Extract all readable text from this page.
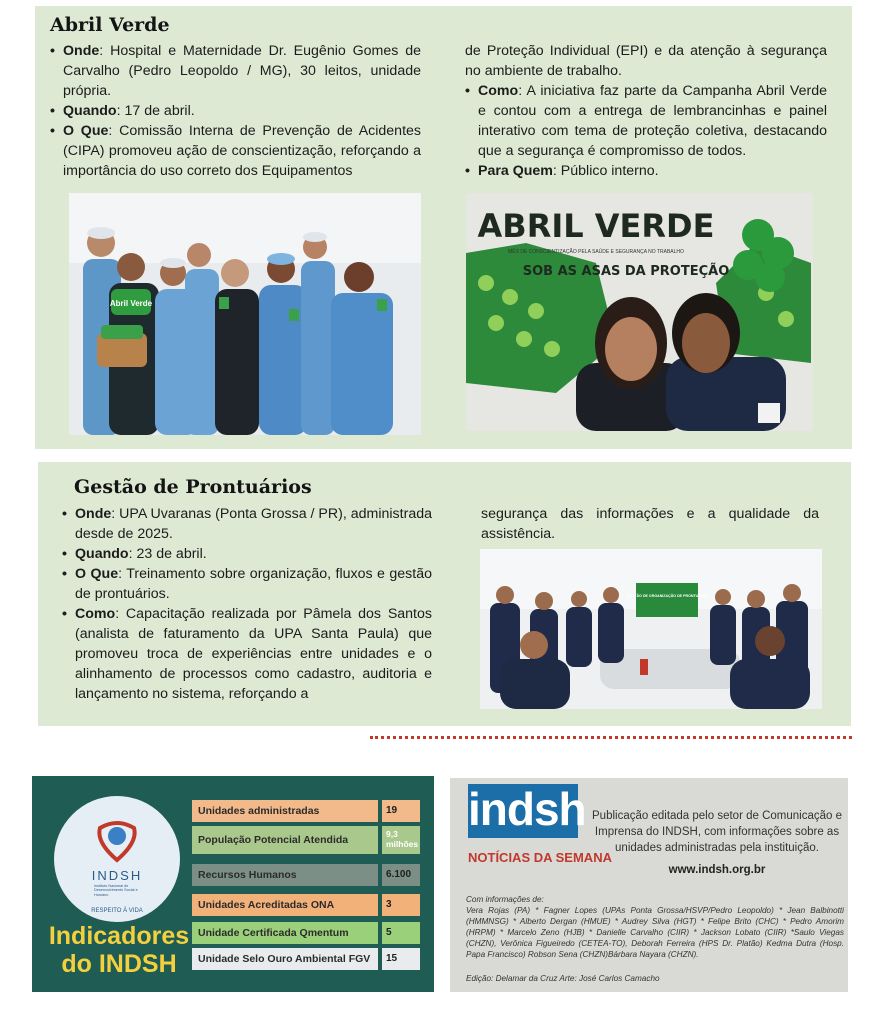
Abril Verde
• Onde: Hospital e Maternidade Dr. Eugênio Gomes de Carvalho (Pedro Leopoldo / MG), 30 leitos, unidade própria.
• Quando: 17 de abril.
• O Que: Comissão Interna de Prevenção de Acidentes (CIPA) promoveu ação de conscientização, reforçando a importância do uso correto dos Equipamentos
de Proteção Individual (EPI) e da atenção à segurança no ambiente de trabalho.
• Como: A iniciativa faz parte da Campanha Abril Verde e contou com a entrega de lembrancinhas e painel interativo com tema de proteção coletiva, destacando que a segurança é compromisso de todos.
• Para Quem: Público interno.
Abril Verde
ABRIL VERDE
MÊS DE CONSCIENTIZAÇÃO PELA SAÚDE E SEGURANÇA NO TRABALHO
SOB AS ASAS DA PROTEÇÃO
Gestão de Prontuários
• Onde: UPA Uvaranas (Ponta Grossa / PR), administrada desde de 2025.
• Quando: 23 de abril.
• O Que: Treinamento sobre organização, fluxos e gestão de prontuários.
• Como: Capacitação realizada por Pâmela dos Santos (analista de faturamento da UPA Santa Paula) que promoveu troca de experiências entre unidades e o alinhamento de processos como cadastro, auditoria e lançamento no sistema, reforçando a
segurança das informações e a qualidade da assistência.
GESTÃO DE ORGANIZAÇÃO DE PRONTUÁRIO
INDSH
Instituto Nacional de Desenvolvimento Social e Humano
RESPEITO À VIDA
Indicadores
do INDSH
Unidades administradas	19
População Potencial Atendida	9,3 milhões
Recursos Humanos	6.100
Unidades Acreditadas ONA	3
Unidade Certificada Qmentum	5
Unidade Selo Ouro Ambiental FGV	15
indsh
NOTÍCIAS DA SEMANA
Publicação editada pelo setor de Comunicação e Imprensa do INDSH, com informações sobre as unidades administradas pela instituição.
www.indsh.org.br
Com informações de:
Vera Rojas (PA) * Fagner Lopes (UPAs Ponta Grossa/HSVP/Pedro Leopoldo) * Jean Balbinotti (HMMNSG) * Alberto Dergan (HMUE) * Audrey Silva (HGT) * Felipe Brito (CHC) * Pedro Amorim (HRPM) * Marcelo Zeno (HJB) * Danielle Carvalho (CIIR) * Jackson Lobato (CIIR) *Saulo Viegas (CHZN), Verônica Figueiredo (CETEA-TO), Deborah Ferreira (HPS Dr. Platão) Kedma Dutra (Hosp. Papa Francisco) Robson Sena (CHZN)Bárbara Nayara (CHZN).
Edição: Delamar da Cruz Arte: José Carlos Camacho
